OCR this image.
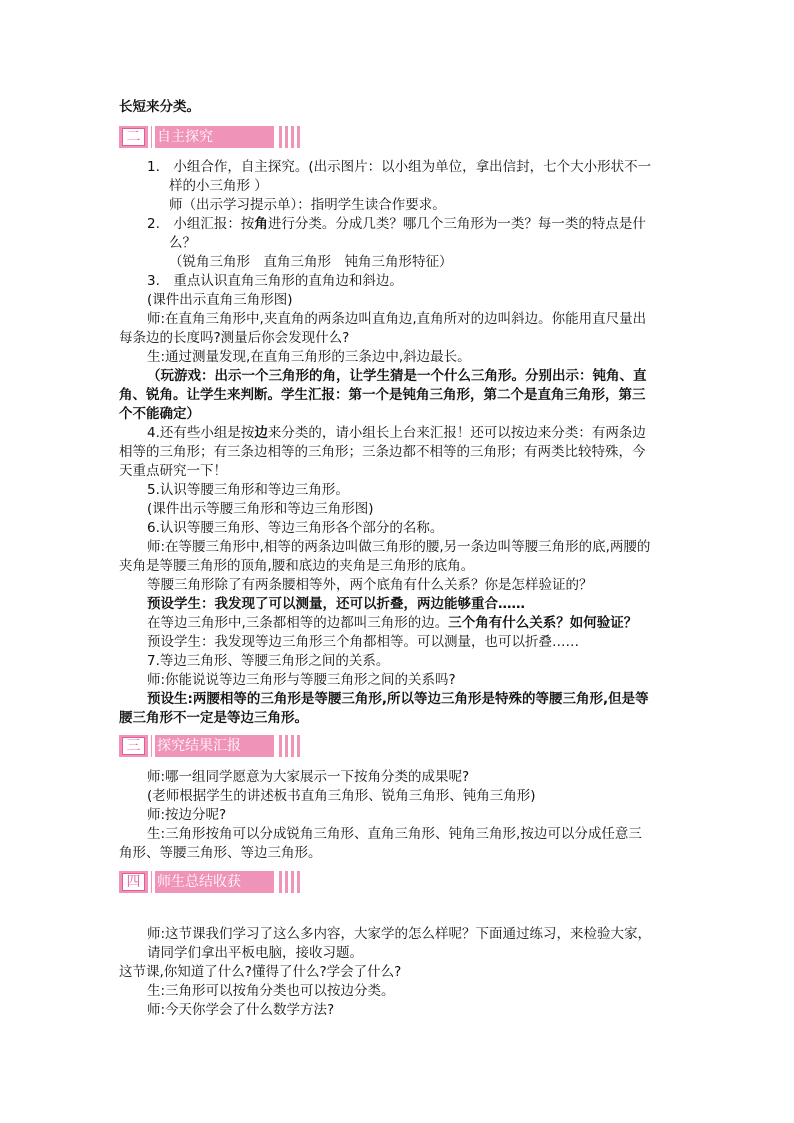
长短来分类。
二	自主探究
1.　小组合作，自主探究。(出示图片：以小组为单位，拿出信封，七个大小形状不一
样的小三角形 ）
师（出示学习提示单）：指明学生读合作要求。
2.　小组汇报：按角进行分类。分成几类？哪几个三角形为一类？每一类的特点是什
么？
（锐角三角形　直角三角形　钝角三角形特征）
3.　重点认识直角三角形的直角边和斜边。
(课件出示直角三角形图)
师:在直角三角形中,夹直角的两条边叫直角边,直角所对的边叫斜边。你能用直尺量出
每条边的长度吗?测量后你会发现什么?
生:通过测量发现,在直角三角形的三条边中,斜边最长。
（玩游戏：出示一个三角形的角，让学生猜是一个什么三角形。分别出示：钝角、直
角、锐角。让学生来判断。学生汇报：第一个是钝角三角形，第二个是直角三角形，第三
个不能确定）
4.还有些小组是按边来分类的，请小组长上台来汇报！还可以按边来分类：有两条边
相等的三角形；有三条边相等的三角形；三条边都不相等的三角形；有两类比较特殊，今
天重点研究一下！
5.认识等腰三角形和等边三角形。
(课件出示等腰三角形和等边三角形图)
6.认识等腰三角形、等边三角形各个部分的名称。
师:在等腰三角形中,相等的两条边叫做三角形的腰,另一条边叫等腰三角形的底,两腰的
夹角是等腰三角形的顶角,腰和底边的夹角是三角形的底角。
等腰三角形除了有两条腰相等外，两个底角有什么关系？你是怎样验证的？
预设学生：我发现了可以测量，还可以折叠，两边能够重合……
在等边三角形中,三条都相等的边都叫三角形的边。三个角有什么关系？如何验证？
预设学生：我发现等边三角形三个角都相等。可以测量，也可以折叠……
7.等边三角形、等腰三角形之间的关系。
师:你能说说等边三角形与等腰三角形之间的关系吗?
预设生:两腰相等的三角形是等腰三角形,所以等边三角形是特殊的等腰三角形,但是等
腰三角形不一定是等边三角形。
三	探究结果汇报
师:哪一组同学愿意为大家展示一下按角分类的成果呢?
(老师根据学生的讲述板书直角三角形、锐角三角形、钝角三角形)
师:按边分呢?
生:三角形按角可以分成锐角三角形、直角三角形、钝角三角形,按边可以分成任意三
角形、等腰三角形、等边三角形。
四	师生总结收获
师:这节课我们学习了这么多内容，大家学的怎么样呢？下面通过练习，来检验大家，
请同学们拿出平板电脑，接收习题。
这节课,你知道了什么?懂得了什么?学会了什么?
生:三角形可以按角分类也可以按边分类。
师:今天你学会了什么数学方法?
